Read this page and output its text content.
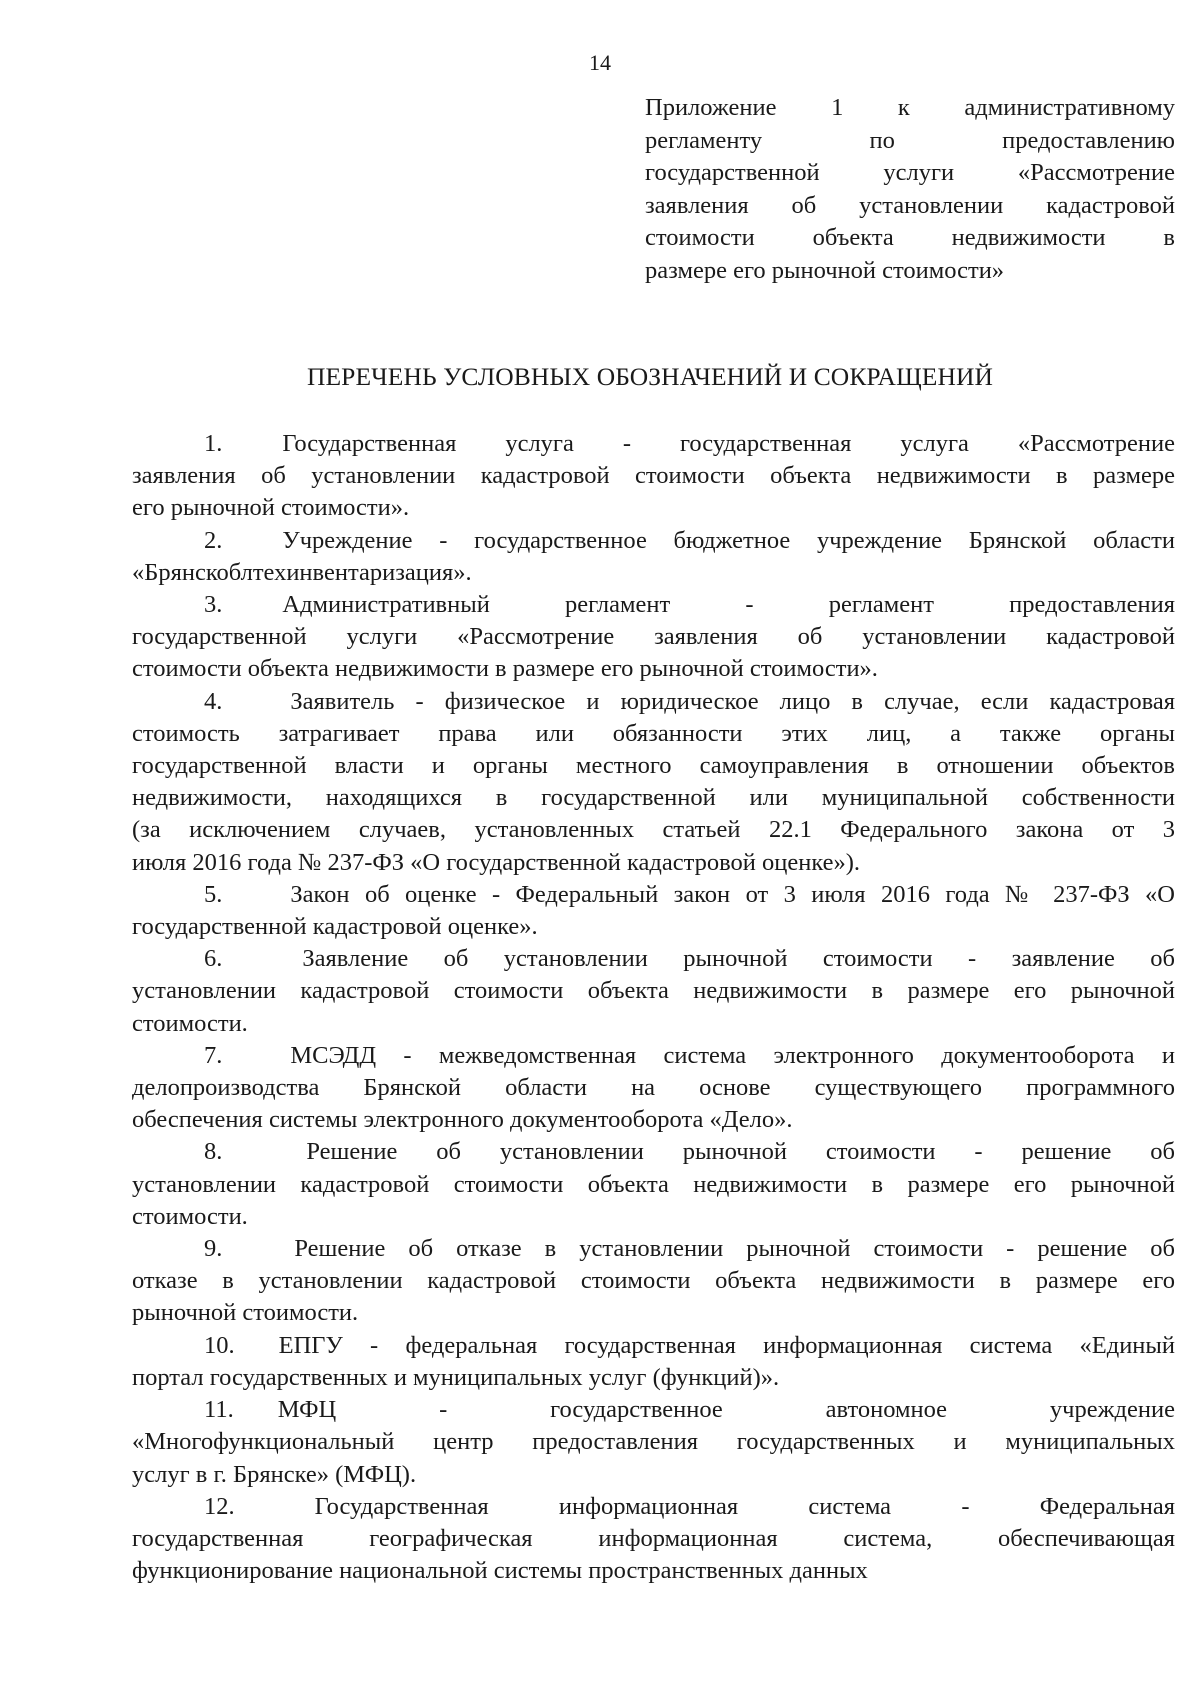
14
Приложение 1 к административному
регламенту по предоставлению
государственной услуги «Рассмотрение
заявления об установлении кадастровой
стоимости объекта недвижимости в
размере его рыночной стоимости»
ПЕРЕЧЕНЬ УСЛОВНЫХ ОБОЗНАЧЕНИЙ И СОКРАЩЕНИЙ
1. Государственная услуга - государственная услуга «Рассмотрение
заявления об установлении кадастровой стоимости объекта недвижимости в размере
его рыночной стоимости».
2. Учреждение - государственное бюджетное учреждение Брянской области
«Брянскоблтехинвентаризация».
3. Административный регламент - регламент предоставления
государственной услуги «Рассмотрение заявления об установлении кадастровой
стоимости объекта недвижимости в размере его рыночной стоимости».
4.	Заявитель - физическое и юридическое лицо в случае, если кадастровая
стоимость затрагивает права или обязанности этих лиц, а также органы
государственной власти и органы местного самоуправления в отношении объектов
недвижимости, находящихся в государственной или муниципальной собственности
(за исключением случаев, установленных статьей 22.1 Федерального закона от 3
июля 2016 года № 237-ФЗ «О государственной кадастровой оценке»).
5.	Закон об оценке - Федеральный закон от 3 июля 2016 года № 237-ФЗ «О
государственной кадастровой оценке».
6.	Заявление об установлении рыночной стоимости - заявление об
установлении кадастровой стоимости объекта недвижимости в размере его рыночной
стоимости.
7.	МСЭДД - межведомственная система электронного документооборота и
делопроизводства Брянской области на основе существующего программного
обеспечения системы электронного документооборота «Дело».
8.	Решение об установлении рыночной стоимости - решение об
установлении кадастровой стоимости объекта недвижимости в размере его рыночной
стоимости.
9.	Решение об отказе в установлении рыночной стоимости - решение об
отказе в установлении кадастровой стоимости объекта недвижимости в размере его
рыночной стоимости.
10. ЕПГУ - федеральная государственная информационная система «Единый
портал государственных и муниципальных услуг (функций)».
11. МФЦ - государственное автономное учреждение
«Многофункциональный центр предоставления государственных и муниципальных
услуг в г. Брянске» (МФЦ).
12.	Государственная информационная система - Федеральная
государственная географическая информационная система, обеспечивающая
функционирование национальной системы пространственных данных
